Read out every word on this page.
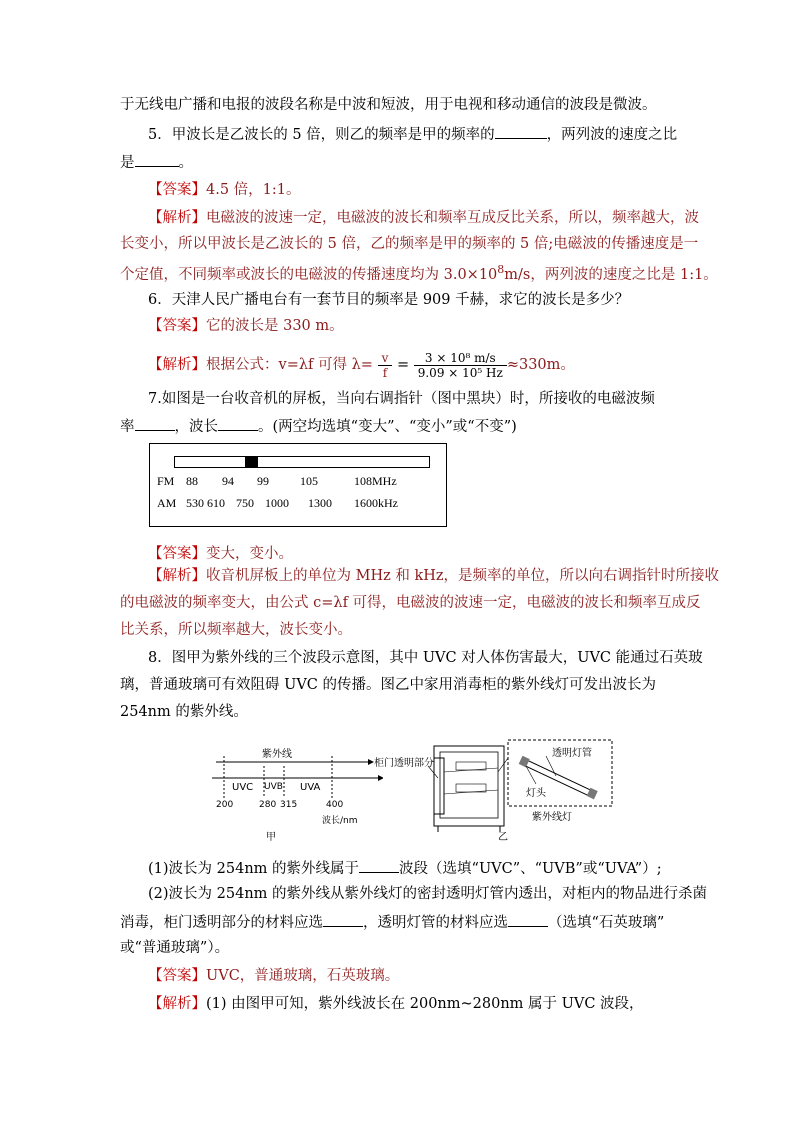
于无线电广播和电报的波段名称是中波和短波，用于电视和移动通信的波段是微波。
5．甲波长是乙波长的 5 倍，则乙的频率是甲的频率的	，两列波的速度之比
是	。
【答案】4.5 倍，1:1。
【解析】电磁波的波速一定，电磁波的波长和频率互成反比关系，所以，频率越大，波
长变小，所以甲波长是乙波长的 5 倍，乙的频率是甲的频率的 5 倍;电磁波的传播速度是一
个定值，不同频率或波长的电磁波的传播速度均为 $3.0\times 10^8m/s$，两列波的速度之比是 1:1。
6．天津人民广播电台有一套节目的频率是 909 千赫，求它的波长是多少？
【答案】它的波长是 330 m。
【解析】根据公式：v=λf 可得 $\lambda= \frac{v}{f} = \frac{\text{3 × 10⁸ m/s}}{\text{9.09 × 10⁵ Hz}} \approx 330m$。
7.如图是一台收音机的屏板，当向右调指针（图中黑块）时，所接收的电磁波频
率	，波长	。(两空均选填“变大”、“变小”或“不变”)
FM 88 94 99	105	108MHz
AM 530 610 750 1000 1300 1600kHz
【答案】变大，变小。
【解析】收音机屏板上的单位为 MHz 和 kHz，是频率的单位，所以向右调指针时所接收
的电磁波的频率变大，由公式 c=λf 可得，电磁波的波速一定，电磁波的波长和频率互成反
比关系，所以频率越大，波长变小。
8．图甲为紫外线的三个波段示意图，其中 UVC 对人体伤害最大，UVC 能通过石英玻
璃，普通玻璃可有效阻碍 UVC 的传播。图乙中家用消毒柜的紫外线灯可发出波长为
254nm 的紫外线。
紫外线
UVC UVB UVA
200	280 315	400
波长/nm
甲
柜门透明部分
透明灯管
灯头
紫外线灯
乙
(1)波长为 254nm 的紫外线属于	波段（选填“UVC”、“UVB”或“UVA”）;
(2)波长为 254nm 的紫外线从紫外线灯的密封透明灯管内透出，对柜内的物品进行杀菌
消毒，柜门透明部分的材料应选	，透明灯管的材料应选	（选填“石英玻璃”
或“普通玻璃”）。
【答案】UVC，普通玻璃，石英玻璃。
【解析】(1) 由图甲可知，紫外线波长在 200nm~280nm 属于 UVC 波段，
